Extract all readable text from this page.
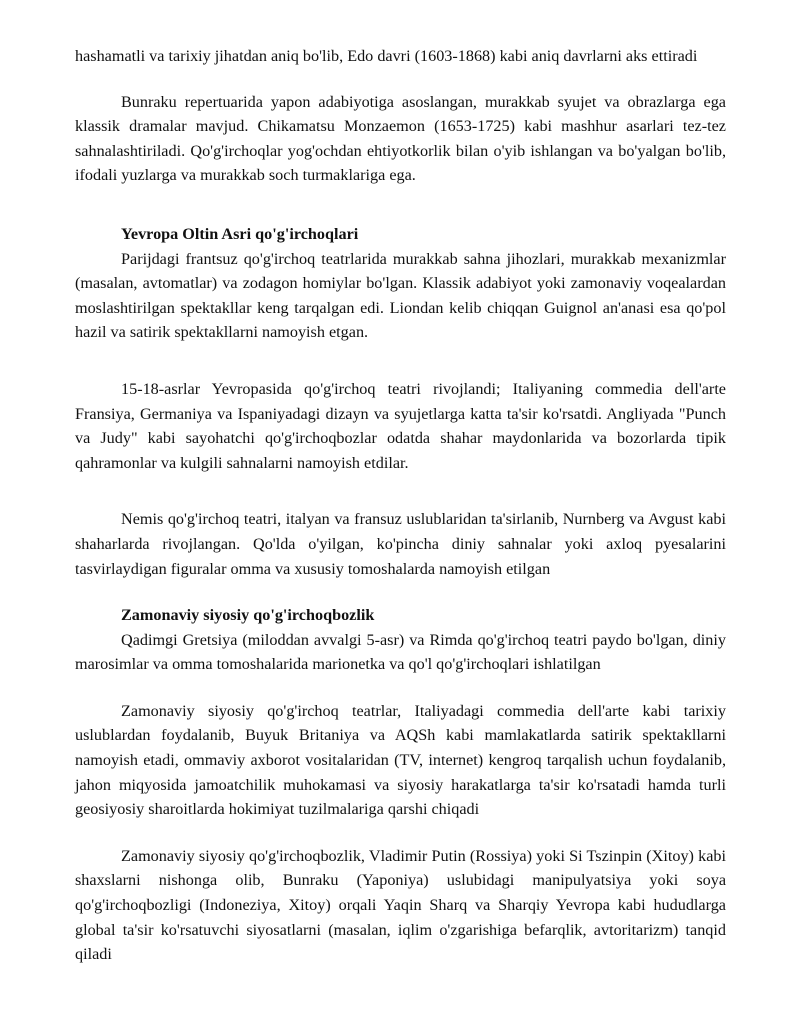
hashamatli va tarixiy jihatdan aniq bo'lib, Edo davri (1603-1868) kabi aniq davrlarni aks ettiradi

Bunraku repertuarida yapon adabiyotiga asoslangan, murakkab syujet va obrazlarga ega klassik dramalar mavjud. Chikamatsu Monzaemon (1653-1725) kabi mashhur asarlari tez-tez sahnalashtiriladi. Qo'g'irchoqlar yog'ochdan ehtiyotkorlik bilan o'yib ishlangan va bo'yalgan bo'lib, ifodali yuzlarga va murakkab soch turmaklariga ega.

Yevropa Oltin Asri qo'g'irchoqlari

Parijdagi frantsuz qo'g'irchoq teatrlarida murakkab sahna jihozlari, murakkab mexanizmlar (masalan, avtomatlar) va zodagon homiylar bo'lgan. Klassik adabiyot yoki zamonaviy voqealardan moslashtirilgan spektakllar keng tarqalgan edi. Liondan kelib chiqqan Guignol an'anasi esa qo'pol hazil va satirik spektakllarni namoyish etgan.

15-18-asrlar Yevropasida qo'g'irchoq teatri rivojlandi; Italiyaning commedia dell'arte Fransiya, Germaniya va Ispaniyadagi dizayn va syujetlarga katta ta'sir ko'rsatdi. Angliyada "Punch va Judy" kabi sayohatchi qo'g'irchoqbozlar odatda shahar maydonlarida va bozorlarda tipik qahramonlar va kulgili sahnalarni namoyish etdilar.

Nemis qo'g'irchoq teatri, italyan va fransuz uslublaridan ta'sirlanib, Nurnberg va Avgust kabi shaharlarda rivojlangan. Qo'lda o'yilgan, ko'pincha diniy sahnalar yoki axloq pyesalarini tasvirlaydigan figuralar omma va xususiy tomoshalarda namoyish etilgan

Zamonaviy siyosiy qo'g'irchoqbozlik

Qadimgi Gretsiya (miloddan avvalgi 5-asr) va Rimda qo'g'irchoq teatri paydo bo'lgan, diniy marosimlar va omma tomoshalarida marionetka va qo'l qo'g'irchoqlari ishlatilgan

Zamonaviy siyosiy qo'g'irchoq teatrlar, Italiyadagi commedia dell'arte kabi tarixiy uslublardan foydalanib, Buyuk Britaniya va AQSh kabi mamlakatlarda satirik spektakllarni namoyish etadi, ommaviy axborot vositalaridan (TV, internet) kengroq tarqalish uchun foydalanib, jahon miqyosida jamoatchilik muhokamasi va siyosiy harakatlarga ta'sir ko'rsatadi hamda turli geosiyosiy sharoitlarda hokimiyat tuzilmalariga qarshi chiqadi

Zamonaviy siyosiy qo'g'irchoqbozlik, Vladimir Putin (Rossiya) yoki Si Tszinpin (Xitoy) kabi shaxslarni nishonga olib, Bunraku (Yaponiya) uslubidagi manipulyatsiya yoki soya qo'g'irchoqbozligi (Indoneziya, Xitoy) orqali Yaqin Sharq va Sharqiy Yevropa kabi hududlarga global ta'sir ko'rsatuvchi siyosatlarni (masalan, iqlim o'zgarishiga befarqlik, avtoritarizm) tanqid qiladi
